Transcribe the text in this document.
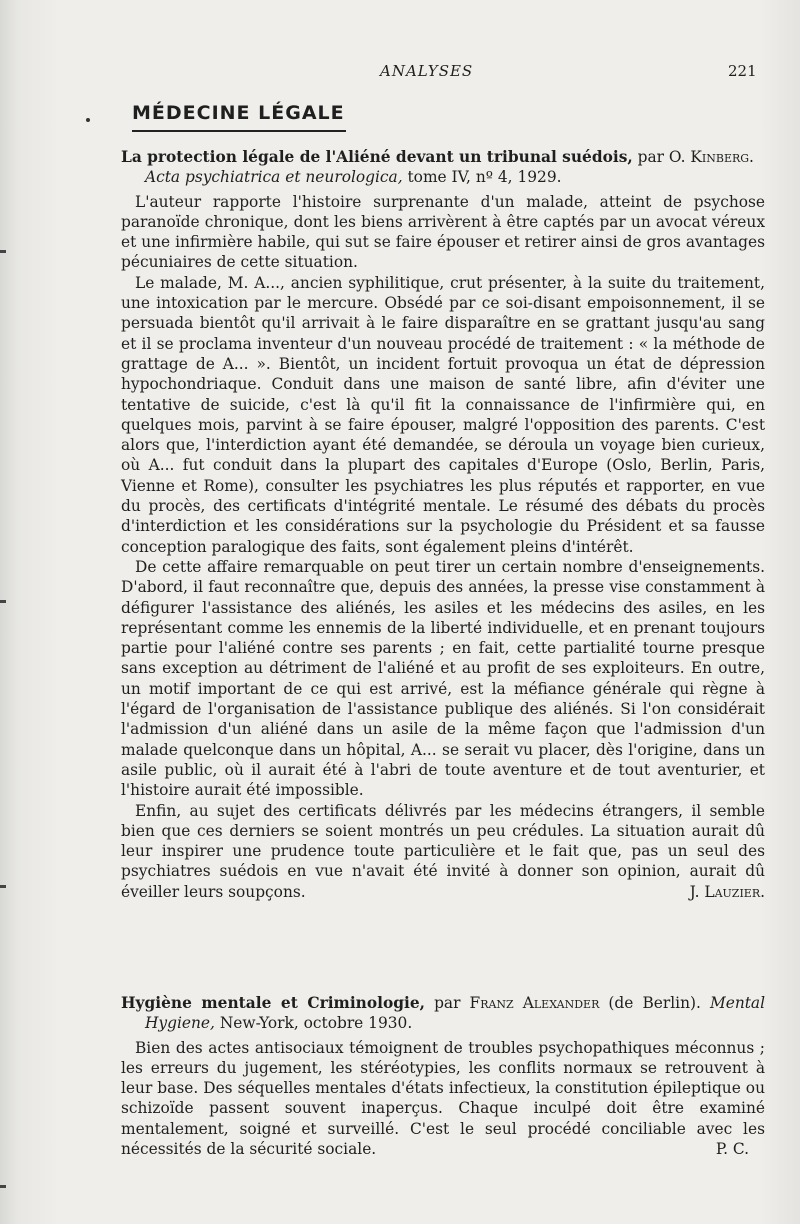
ANALYSES	221
MÉDECINE LÉGALE

La protection légale de l'Aliéné devant un tribunal suédois, par O. Kinberg.
Acta psychiatrica et neurologica, tome IV, nº 4, 1929.

L'auteur rapporte l'histoire surprenante d'un malade, atteint de psychose paranoïde chronique, dont les biens arrivèrent à être captés par un avocat véreux et une infirmière habile, qui sut se faire épouser et retirer ainsi de gros avantages pécuniaires de cette situation.

Le malade, M. A..., ancien syphilitique, crut présenter, à la suite du traitement, une intoxication par le mercure. Obsédé par ce soi-disant empoisonnement, il se persuada bientôt qu'il arrivait à le faire disparaître en se grattant jusqu'au sang et il se proclama inventeur d'un nouveau procédé de traitement : « la méthode de grattage de A... ». Bientôt, un incident fortuit provoqua un état de dépression hypochondriaque. Conduit dans une maison de santé libre, afin d'éviter une tentative de suicide, c'est là qu'il fit la connaissance de l'infirmière qui, en quelques mois, parvint à se faire épouser, malgré l'opposition des parents. C'est alors que, l'interdiction ayant été demandée, se déroula un voyage bien curieux, où A... fut conduit dans la plupart des capitales d'Europe (Oslo, Berlin, Paris, Vienne et Rome), consulter les psychiatres les plus réputés et rapporter, en vue du procès, des certificats d'intégrité mentale. Le résumé des débats du procès d'interdiction et les considérations sur la psychologie du Président et sa fausse conception paralogique des faits, sont également pleins d'intérêt.

De cette affaire remarquable on peut tirer un certain nombre d'enseignements. D'abord, il faut reconnaître que, depuis des années, la presse vise constamment à défigurer l'assistance des aliénés, les asiles et les médecins des asiles, en les représentant comme les ennemis de la liberté individuelle, et en prenant toujours partie pour l'aliéné contre ses parents ; en fait, cette partialité tourne presque sans exception au détriment de l'aliéné et au profit de ses exploiteurs. En outre, un motif important de ce qui est arrivé, est la méfiance générale qui règne à l'égard de l'organisation de l'assistance publique des aliénés. Si l'on considérait l'admission d'un aliéné dans un asile de la même façon que l'admission d'un malade quelconque dans un hôpital, A... se serait vu placer, dès l'origine, dans un asile public, où il aurait été à l'abri de toute aventure et de tout aventurier, et l'histoire aurait été impossible.

Enfin, au sujet des certificats délivrés par les médecins étrangers, il semble bien que ces derniers se soient montrés un peu crédules. La situation aurait dû leur inspirer une prudence toute particulière et le fait que, pas un seul des psychiatres suédois en vue n'avait été invité à donner son opinion, aurait dû éveiller leurs soupçons.	J. Lauzier.

Hygiène mentale et Criminologie, par Franz Alexander (de Berlin). Mental Hygiene, New-York, octobre 1930.

Bien des actes antisociaux témoignent de troubles psychopathiques méconnus ; les erreurs du jugement, les stéréotypies, les conflits normaux se retrouvent à leur base. Des séquelles mentales d'états infectieux, la constitution épileptique ou schizoïde passent souvent inaperçus. Chaque inculpé doit être examiné mentalement, soigné et surveillé. C'est le seul procédé conciliable avec les nécessités de la sécurité sociale.	P. C.
